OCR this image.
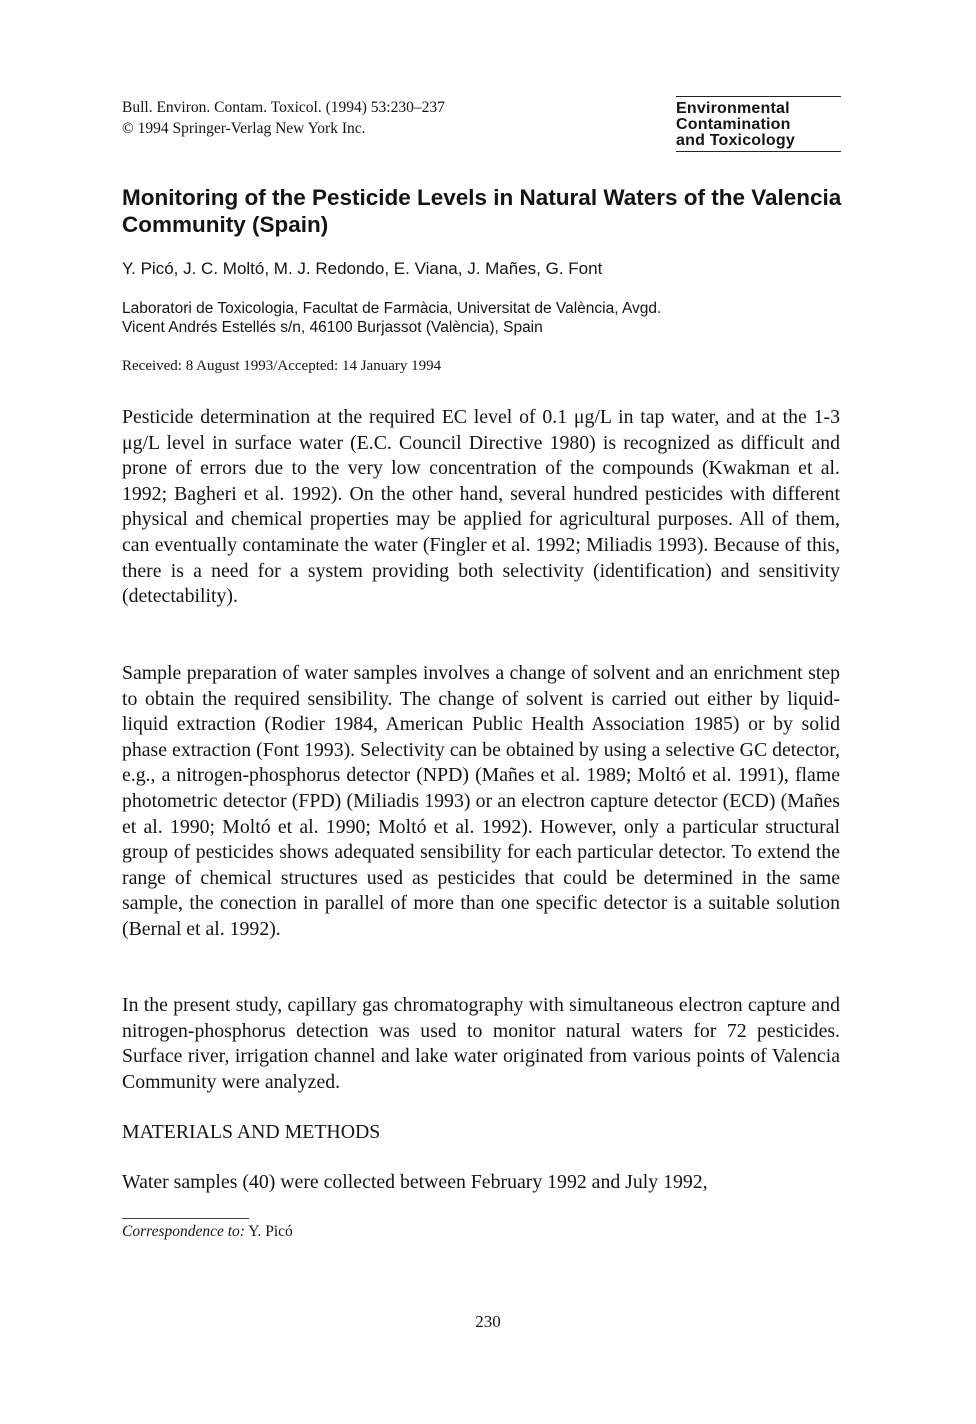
Bull. Environ. Contam. Toxicol. (1994) 53:230–237
© 1994 Springer-Verlag New York Inc.
Environmental
Contamination
and Toxicology
Monitoring of the Pesticide Levels in Natural Waters of the Valencia Community (Spain)
Y. Picó, J. C. Moltó, M. J. Redondo, E. Viana, J. Mañes, G. Font
Laboratori de Toxicologia, Facultat de Farmàcia, Universitat de València, Avgd.
Vicent Andrés Estellés s/n, 46100 Burjassot (València), Spain
Received: 8 August 1993/Accepted: 14 January 1994

Pesticide determination at the required EC level of 0.1 μg/L in tap water, and at the 1-3 μg/L level in surface water (E.C. Council Directive 1980) is recognized as difficult and prone of errors due to the very low concentration of the compounds (Kwakman et al. 1992; Bagheri et al. 1992). On the other hand, several hundred pesticides with different physical and chemical properties may be applied for agricultural purposes. All of them, can eventually contaminate the water (Fingler et al. 1992; Miliadis 1993). Because of this, there is a need for a system providing both selectivity (identification) and sensitivity (detectability).

Sample preparation of water samples involves a change of solvent and an enrichment step to obtain the required sensibility. The change of solvent is carried out either by liquid-liquid extraction (Rodier 1984, American Public Health Association 1985) or by solid phase extraction (Font 1993). Selectivity can be obtained by using a selective GC detector, e.g., a nitrogen-phosphorus detector (NPD) (Mañes et al. 1989; Moltó et al. 1991), flame photometric detector (FPD) (Miliadis 1993) or an electron capture detector (ECD) (Mañes et al. 1990; Moltó et al. 1990; Moltó et al. 1992). However, only a particular structural group of pesticides shows adequated sensibility for each particular detector. To extend the range of chemical structures used as pesticides that could be determined in the same sample, the conection in parallel of more than one specific detector is a suitable solution (Bernal et al. 1992).

In the present study, capillary gas chromatography with simultaneous electron capture and nitrogen-phosphorus detection was used to monitor natural waters for 72 pesticides. Surface river, irrigation channel and lake water originated from various points of Valencia Community were analyzed.

MATERIALS AND METHODS

Water samples (40) were collected between February 1992 and July 1992,

Correspondence to: Y. Picó
230
